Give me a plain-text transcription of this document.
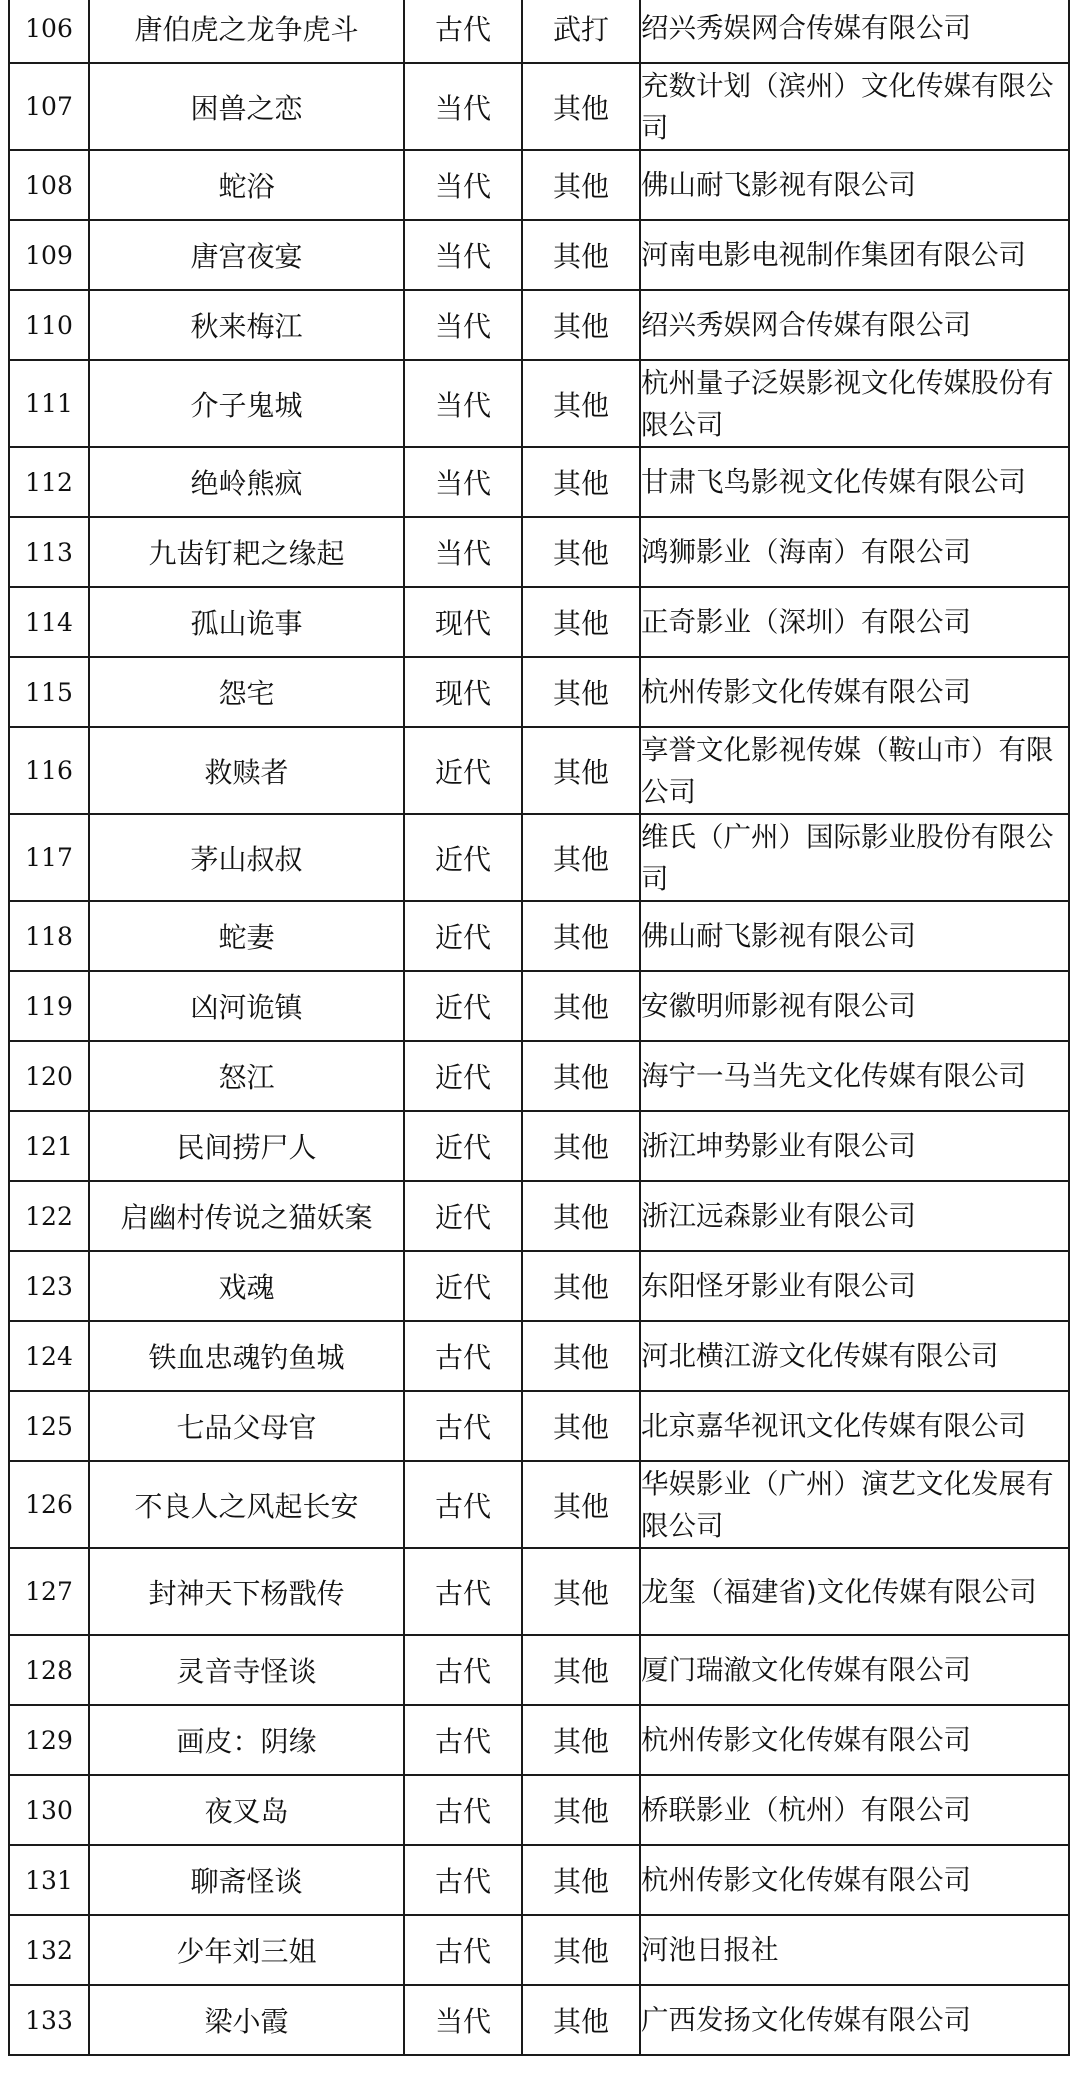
106	唐伯虎之龙争虎斗	古代	武打	绍兴秀娱网合传媒有限公司
107	困兽之恋	当代	其他	充数计划（滨州）文化传媒有限公司
108	蛇浴	当代	其他	佛山耐飞影视有限公司
109	唐宫夜宴	当代	其他	河南电影电视制作集团有限公司
110	秋来梅江	当代	其他	绍兴秀娱网合传媒有限公司
111	介子鬼城	当代	其他	杭州量子泛娱影视文化传媒股份有限公司
112	绝岭熊疯	当代	其他	甘肃飞鸟影视文化传媒有限公司
113	九齿钉耙之缘起	当代	其他	鸿狮影业（海南）有限公司
114	孤山诡事	现代	其他	正奇影业（深圳）有限公司
115	怨宅	现代	其他	杭州传影文化传媒有限公司
116	救赎者	近代	其他	享誉文化影视传媒（鞍山市）有限公司
117	茅山叔叔	近代	其他	维氏（广州）国际影业股份有限公司
118	蛇妻	近代	其他	佛山耐飞影视有限公司
119	凶河诡镇	近代	其他	安徽明师影视有限公司
120	怒江	近代	其他	海宁一马当先文化传媒有限公司
121	民间捞尸人	近代	其他	浙江坤势影业有限公司
122	启幽村传说之猫妖案	近代	其他	浙江远森影业有限公司
123	戏魂	近代	其他	东阳怪牙影业有限公司
124	铁血忠魂钓鱼城	古代	其他	河北横江游文化传媒有限公司
125	七品父母官	古代	其他	北京嘉华视讯文化传媒有限公司
126	不良人之风起长安	古代	其他	华娱影业（广州）演艺文化发展有限公司
127	封神天下杨戬传	古代	其他	龙玺（福建省)文化传媒有限公司
128	灵音寺怪谈	古代	其他	厦门瑞澈文化传媒有限公司
129	画皮：阴缘	古代	其他	杭州传影文化传媒有限公司
130	夜叉岛	古代	其他	桥联影业（杭州）有限公司
131	聊斋怪谈	古代	其他	杭州传影文化传媒有限公司
132	少年刘三姐	古代	其他	河池日报社
133	梁小霞	当代	其他	广西发扬文化传媒有限公司
